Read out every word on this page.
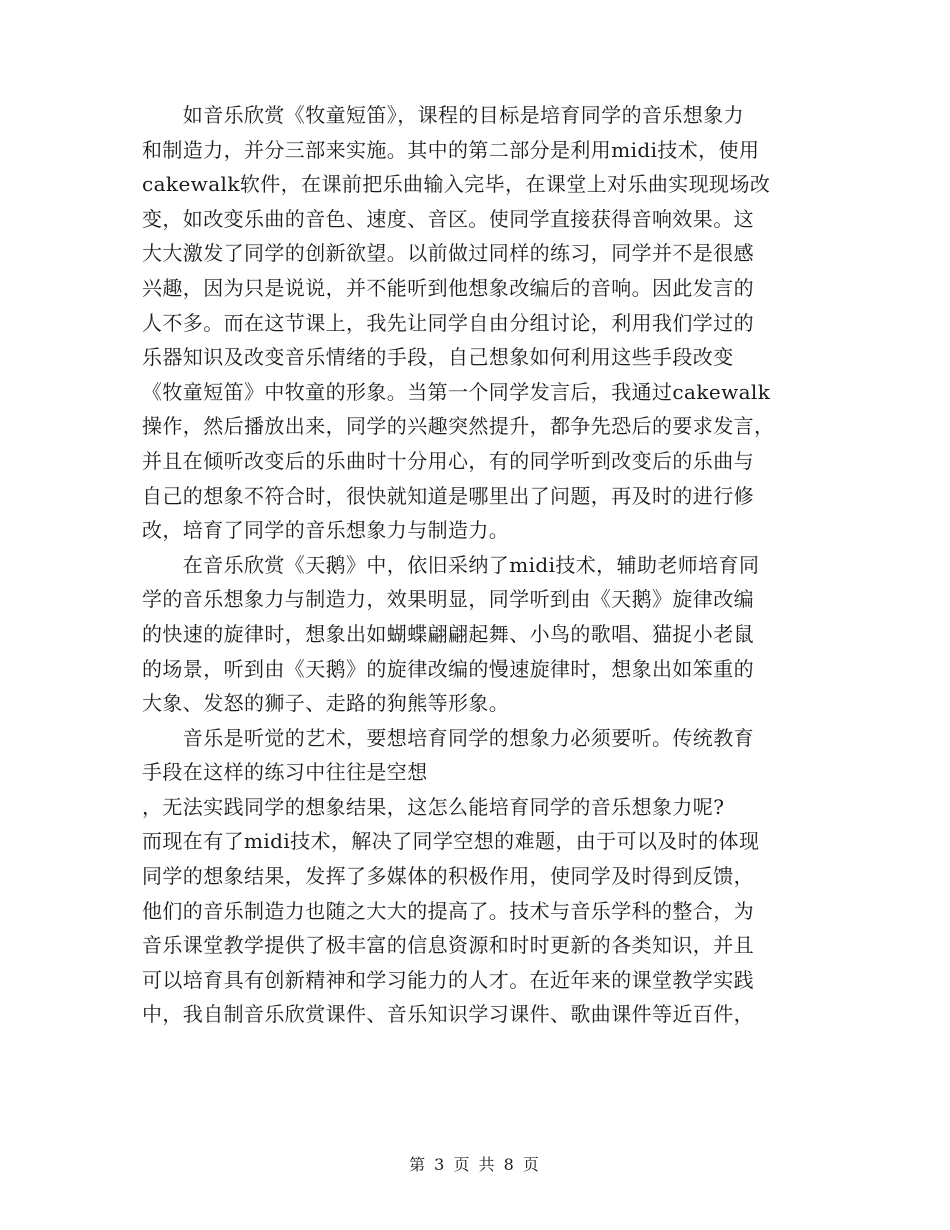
　　如音乐欣赏《牧童短笛》，课程的目标是培育同学的音乐想象力
和制造力，并分三部来实施。其中的第二部分是利用midi技术，使用
cakewalk软件，在课前把乐曲输入完毕，在课堂上对乐曲实现现场改
变，如改变乐曲的音色、速度、音区。使同学直接获得音响效果。这
大大激发了同学的创新欲望。以前做过同样的练习，同学并不是很感
兴趣，因为只是说说，并不能听到他想象改编后的音响。因此发言的
人不多。而在这节课上，我先让同学自由分组讨论，利用我们学过的
乐器知识及改变音乐情绪的手段，自己想象如何利用这些手段改变
《牧童短笛》中牧童的形象。当第一个同学发言后，我通过cakewalk
操作，然后播放出来，同学的兴趣突然提升，都争先恐后的要求发言，
并且在倾听改变后的乐曲时十分用心，有的同学听到改变后的乐曲与
自己的想象不符合时，很快就知道是哪里出了问题，再及时的进行修
改，培育了同学的音乐想象力与制造力。
　　在音乐欣赏《天鹅》中，依旧采纳了midi技术，辅助老师培育同
学的音乐想象力与制造力，效果明显，同学听到由《天鹅》旋律改编
的快速的旋律时，想象出如蝴蝶翩翩起舞、小鸟的歌唱、猫捉小老鼠
的场景，听到由《天鹅》的旋律改编的慢速旋律时，想象出如笨重的
大象、发怒的狮子、走路的狗熊等形象。
　　音乐是听觉的艺术，要想培育同学的想象力必须要听。传统教育
手段在这样的练习中往往是空想
，无法实践同学的想象结果，这怎么能培育同学的音乐想象力呢?
而现在有了midi技术，解决了同学空想的难题，由于可以及时的体现
同学的想象结果，发挥了多媒体的积极作用，使同学及时得到反馈，
他们的音乐制造力也随之大大的提高了。技术与音乐学科的整合，为
音乐课堂教学提供了极丰富的信息资源和时时更新的各类知识，并且
可以培育具有创新精神和学习能力的人才。在近年来的课堂教学实践
中，我自制音乐欣赏课件、音乐知识学习课件、歌曲课件等近百件，
第 3 页 共 8 页
